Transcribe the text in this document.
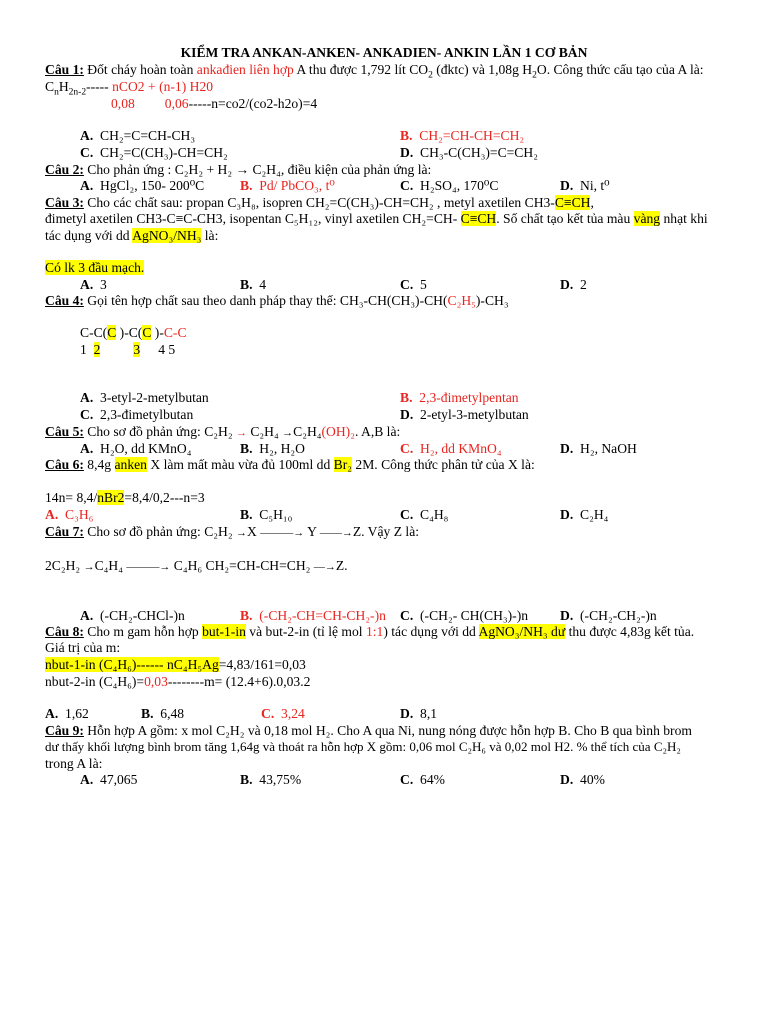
KIỂM TRA ANKAN-ANKEN- ANKADIEN- ANKIN LẦN 1 CƠ BẢN
Câu 1: Đốt cháy hoàn toàn ankađien liên hợp A thu được 1,792 lít $CO_2$ (đktc) và 1,08g $H_2O$. Công thức cấu tạo của A là:
$C_nH_{2n-2}-----$ nCO2 + (n-1) H20
0,08 0,06-----n=co2/(co2-h2o)=4
A. CH₂=C=CH-CH₃	B. CH₂=CH-CH=CH₂
C. CH₂=C(CH₃)-CH=CH₂	D. CH₃-C(CH₃)=C=CH₂
Câu 2: Cho phản ứng : C₂H₂ + H₂ → C₂H₄, điều kiện của phản ứng là:
A. HgCl₂, 150- 200⁰C	B. Pd/ PbCO₃, t⁰	C. H₂SO₄, 170⁰C	D. Ni, t⁰
Câu 3: Cho các chất sau: propan C₃H₈, isopren CH₂=C(CH₃)-CH=CH₂ , metyl axetilen CH3-C≡CH,
đimetyl axetilen CH3-C≡C-CH3, isopentan C₅H₁₂, vinyl axetilen CH₂=CH- C≡CH. Số chất tạo kết tủa màu vàng nhạt khi
tác dụng với dd AgNO₃/NH₃ là:
Có lk 3 đầu mạch.
A. 3	B. 4	C. 5	D. 2
Câu 4: Gọi tên hợp chất sau theo danh pháp thay thế: CH₃-CH(CH₃)-CH(C₂H₅)-CH₃
C-C(C )-C(C )-C-C
1 2 3 4 5
A. 3-etyl-2-metylbutan	B. 2,3-đimetylpentan
C. 2,3-đimetylbutan	D. 2-etyl-3-metylbutan
Câu 5: Cho sơ đồ phản ứng: C₂H₂ → C₂H₄ →C₂H₄(OH)₂. A,B là:
A. H₂O, dd KMnO₄	B. H₂, H₂O	C. H₂, dd KMnO₄	D. H₂, NaOH
Câu 6: 8,4g anken X làm mất màu vừa đủ 100ml dd Br₂ 2M. Công thức phân tử của X là:
14n= 8,4/nBr2=8,4/0,2---n=3
A. C₃H₆	B. C₅H₁₀	C. C₄H₈	D. C₂H₄
Câu 7: Cho sơ đồ phản ứng: C₂H₂ →X ———→ Y ——→Z. Vậy Z là:
2C₂H₂ →C₄H₄ ———→ C₄H₆ CH₂=CH-CH=CH₂ —→Z.
A. (-CH₂-CHCl-)n	B. (-CH₂-CH=CH-CH₂-)n C. (-CH₂- CH(CH₃)-)n D. (-CH₂-CH₂-)n
Câu 8: Cho m gam hỗn hợp but-1-in và but-2-in (tỉ lệ mol 1:1) tác dụng với dd AgNO₃/NH₃ dư thu được 4,83g kết tủa.
Giá trị của m:
nbut-1-in (C₄H₆)------ nC₄H₅Ag=4,83/161=0,03
nbut-2-in (C₄H₆)=0,03--------m= (12.4+6).0,03.2
A. 1,62	B. 6,48	C. 3,24	D. 8,1
Câu 9: Hỗn hợp A gồm: x mol C₂H₂ và 0,18 mol H₂. Cho A qua Ni, nung nóng được hỗn hợp B. Cho B qua bình brom
dư thấy khối lượng bình brom tăng 1,64g và thoát ra hỗn hợp X gồm: 0,06 mol C₂H₆ và 0,02 mol H2. % thể tích của C₂H₂
trong A là:
A. 47,065	B. 43,75%	C. 64%	D. 40%
